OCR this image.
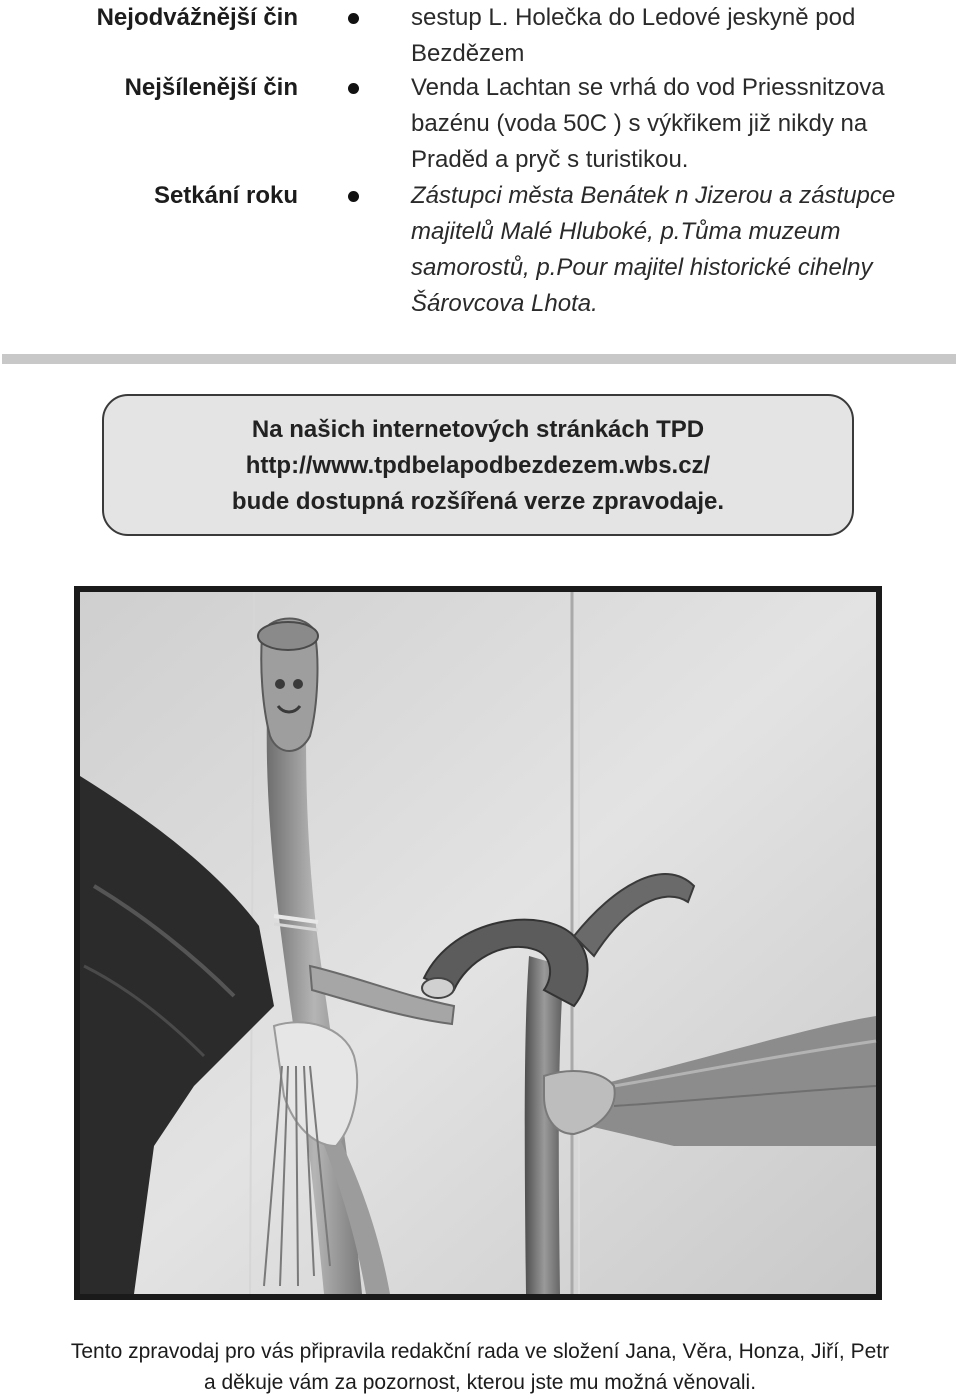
Nejodvážnější čin	sestup L. Holečka do Ledové jeskyně pod
Bezdězem
Nejšílenější čin	Venda Lachtan se vrhá do vod Priessnitzova
bazénu (voda 50C ) s výkřikem již nikdy na
Praděd a pryč s turistikou.
Setkání roku	Zástupci města Benátek n Jizerou a zástupce
majitelů Malé Hluboké, p.Tůma muzeum
samorostů, p.Pour majitel historické cihelny
Šárovcova Lhota.
Na našich internetových stránkách TPD
http://www.tpdbelapodbezdezem.wbs.cz/
bude dostupná rozšířená verze zpravodaje.
Tento zpravodaj pro vás připravila redakční rada ve složení Jana, Věra, Honza, Jiří, Petr
a děkuje vám za pozornost, kterou jste mu možná věnovali.
